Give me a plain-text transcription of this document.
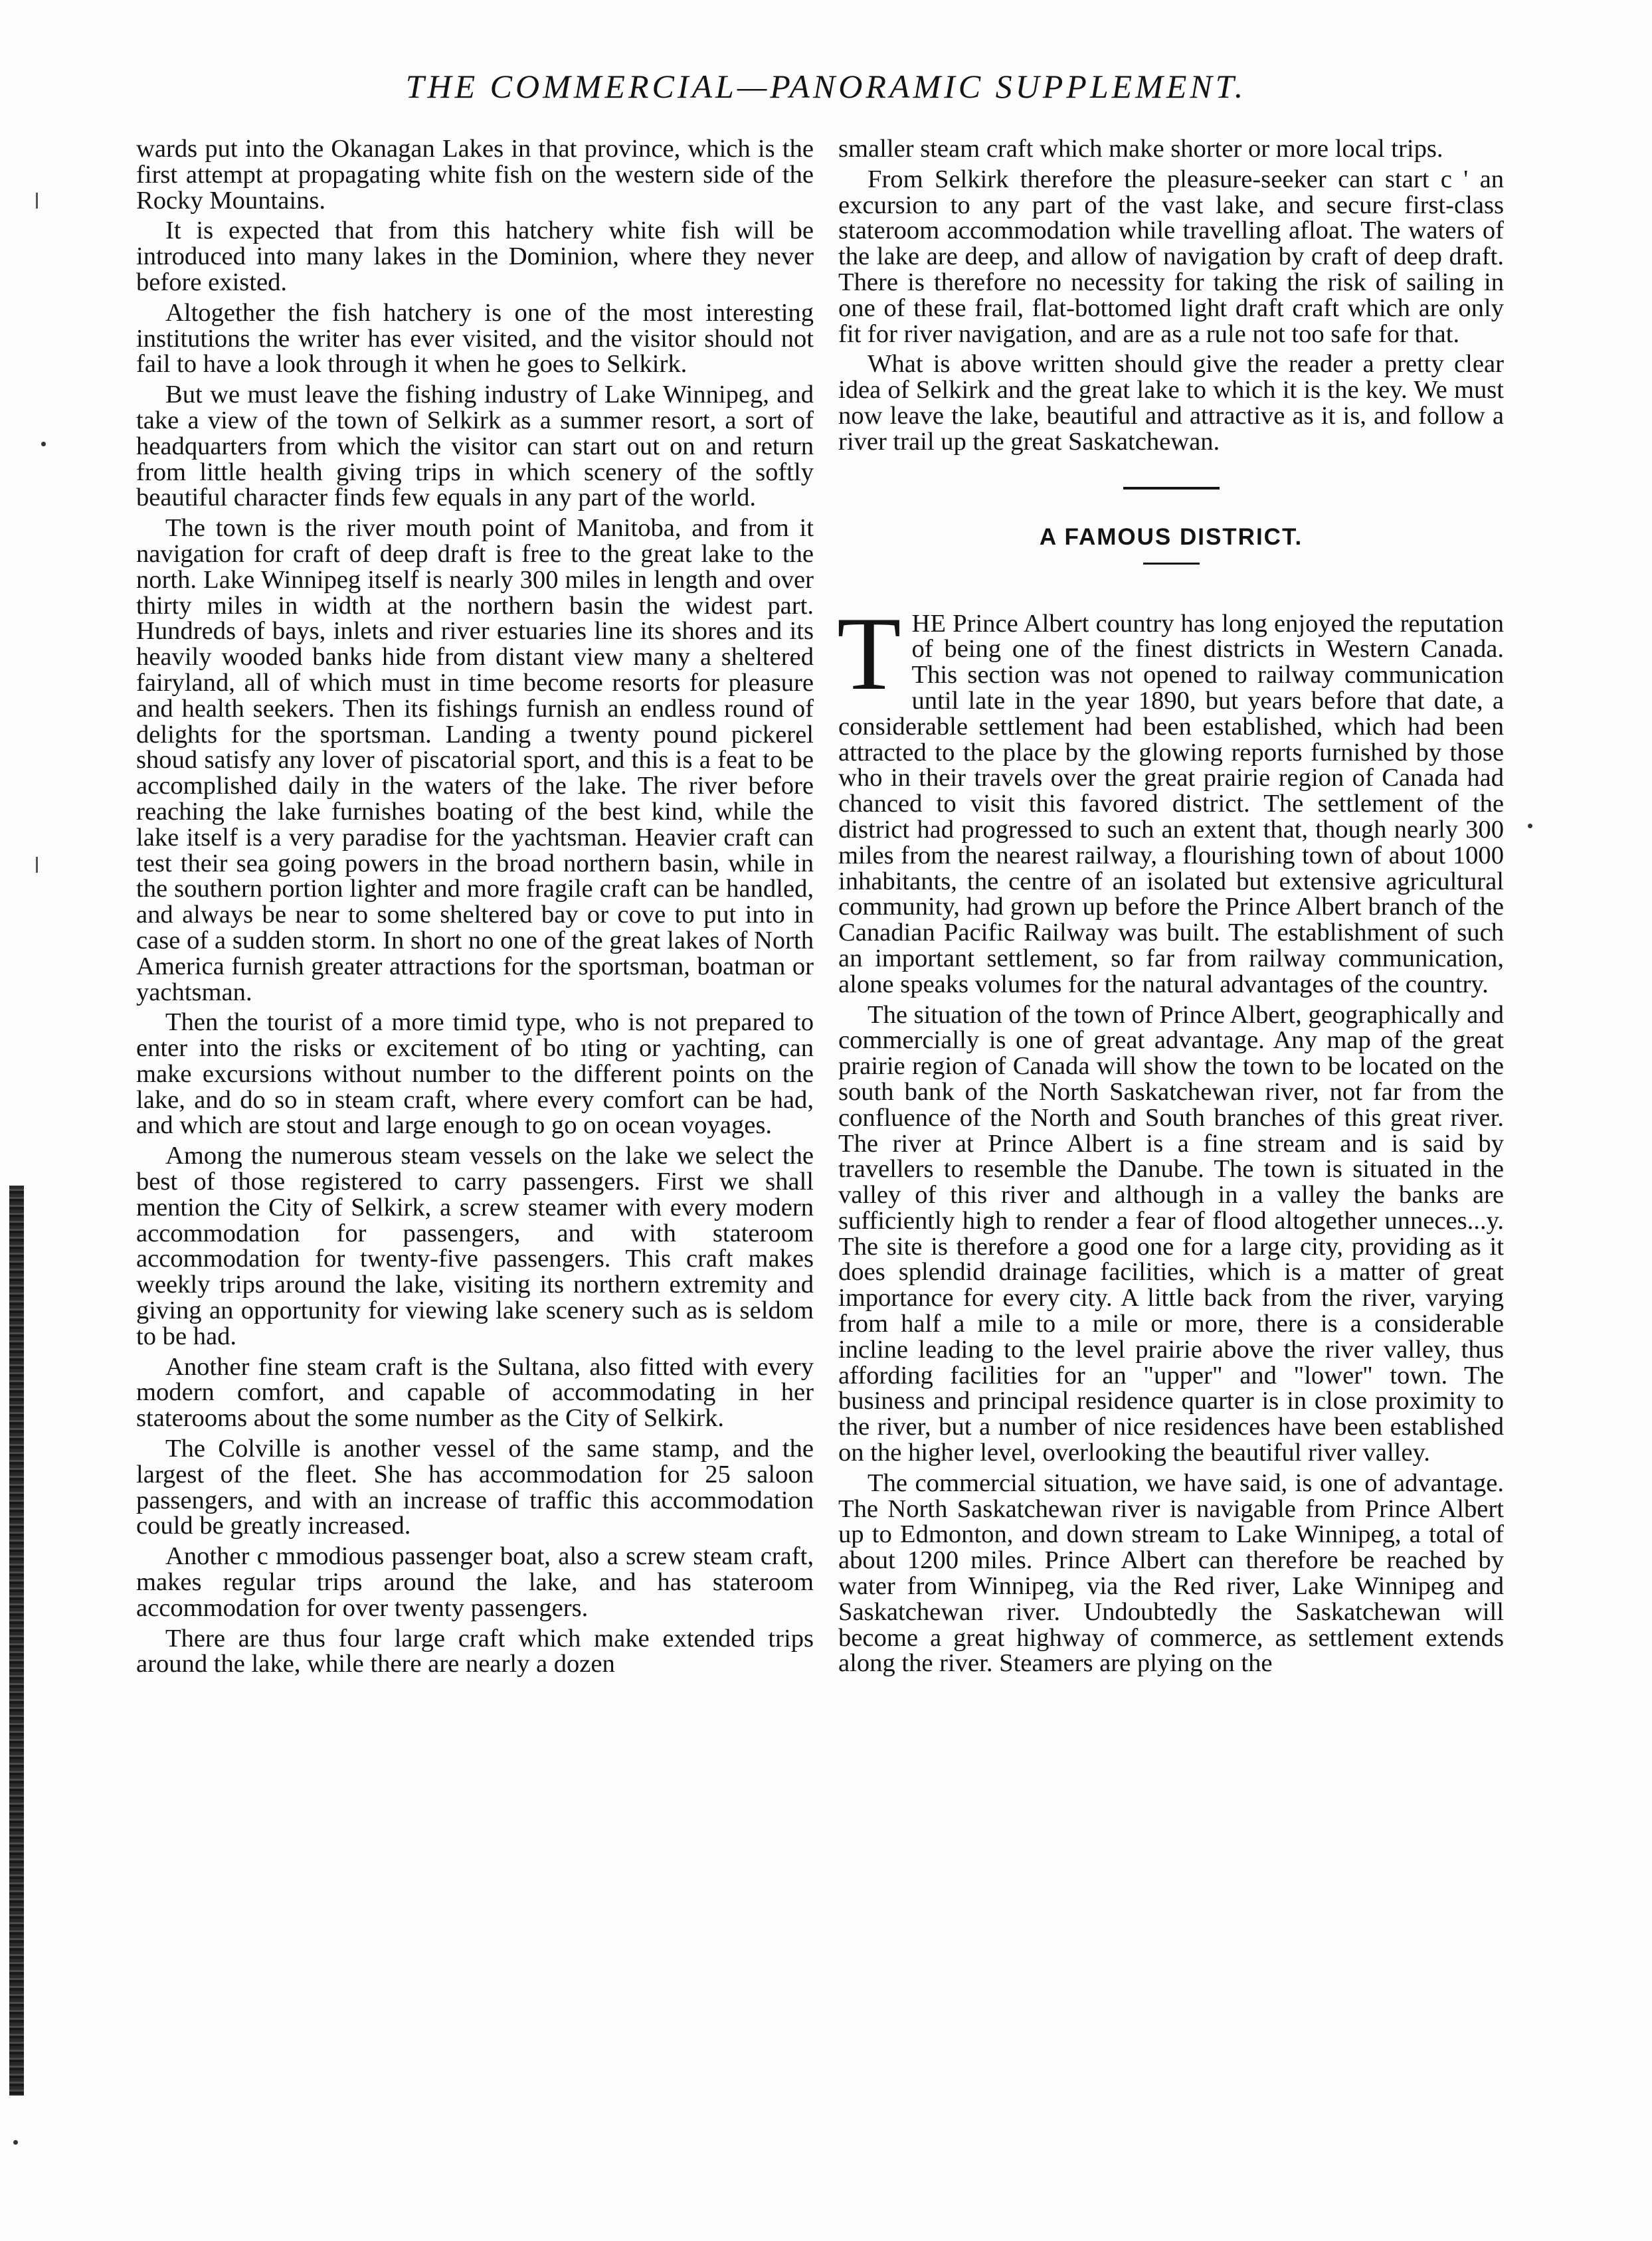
THE COMMERCIAL—PANORAMIC SUPPLEMENT.

wards put into the Okanagan Lakes in that province, which is the first attempt at propagating white fish on the western side of the Rocky Mountains.

It is expected that from this hatchery white fish will be introduced into many lakes in the Dominion, where they never before existed.

Altogether the fish hatchery is one of the most interesting institutions the writer has ever visited, and the visitor should not fail to have a look through it when he goes to Selkirk.

But we must leave the fishing industry of Lake Winnipeg, and take a view of the town of Selkirk as a summer resort, a sort of headquarters from which the visitor can start out on and return from little health giving trips in which scenery of the softly beautiful character finds few equals in any part of the world.

The town is the river mouth point of Manitoba, and from it navigation for craft of deep draft is free to the great lake to the north. Lake Winnipeg itself is nearly 300 miles in length and over thirty miles in width at the northern basin the widest part. Hundreds of bays, inlets and river estuaries line its shores and its heavily wooded banks hide from distant view many a sheltered fairyland, all of which must in time become resorts for pleasure and health seekers. Then its fishings furnish an endless round of delights for the sportsman. Landing a twenty pound pickerel shoud satisfy any lover of piscatorial sport, and this is a feat to be accomplished daily in the waters of the lake. The river before reaching the lake furnishes boating of the best kind, while the lake itself is a very paradise for the yachtsman. Heavier craft can test their sea going powers in the broad northern basin, while in the southern portion lighter and more fragile craft can be handled, and always be near to some sheltered bay or cove to put into in case of a sudden storm. In short no one of the great lakes of North America furnish greater attractions for the sportsman, boatman or yachtsman.

Then the tourist of a more timid type, who is not prepared to enter into the risks or excitement of bo ıting or yachting, can make excursions without number to the different points on the lake, and do so in steam craft, where every comfort can be had, and which are stout and large enough to go on ocean voyages.

Among the numerous steam vessels on the lake we select the best of those registered to carry passengers. First we shall mention the City of Selkirk, a screw steamer with every modern accommodation for passengers, and with stateroom accommodation for twenty-five passengers. This craft makes weekly trips around the lake, visiting its northern extremity and giving an opportunity for viewing lake scenery such as is seldom to be had.

Another fine steam craft is the Sultana, also fitted with every modern comfort, and capable of accommodating in her staterooms about the some number as the City of Selkirk.

The Colville is another vessel of the same stamp, and the largest of the fleet. She has accommodation for 25 saloon passengers, and with an increase of traffic this accommodation could be greatly increased.

Another c mmodious passenger boat, also a screw steam craft, makes regular trips around the lake, and has stateroom accommodation for over twenty passengers.

There are thus four large craft which make extended trips around the lake, while there are nearly a dozen

smaller steam craft which make shorter or more local trips.

From Selkirk therefore the pleasure-seeker can start c ' an excursion to any part of the vast lake, and secure first-class stateroom accommodation while travelling afloat. The waters of the lake are deep, and allow of navigation by craft of deep draft. There is therefore no necessity for taking the risk of sailing in one of these frail, flat-bottomed light draft craft which are only fit for river navigation, and are as a rule not too safe for that.

What is above written should give the reader a pretty clear idea of Selkirk and the great lake to which it is the key. We must now leave the lake, beautiful and attractive as it is, and follow a river trail up the great Saskatchewan.

A FAMOUS DISTRICT.

THE Prince Albert country has long enjoyed the reputation of being one of the finest districts in Western Canada. This section was not opened to railway communication until late in the year 1890, but years before that date, a considerable settlement had been established, which had been attracted to the place by the glowing reports furnished by those who in their travels over the great prairie region of Canada had chanced to visit this favored district. The settlement of the district had progressed to such an extent that, though nearly 300 miles from the nearest railway, a flourishing town of about 1000 inhabitants, the centre of an isolated but extensive agricultural community, had grown up before the Prince Albert branch of the Canadian Pacific Railway was built. The establishment of such an important settlement, so far from railway communication, alone speaks volumes for the natural advantages of the country.

The situation of the town of Prince Albert, geographically and commercially is one of great advantage. Any map of the great prairie region of Canada will show the town to be located on the south bank of the North Saskatchewan river, not far from the confluence of the North and South branches of this great river. The river at Prince Albert is a fine stream and is said by travellers to resemble the Danube. The town is situated in the valley of this river and although in a valley the banks are sufficiently high to render a fear of flood altogether unneces...y. The site is therefore a good one for a large city, providing as it does splendid drainage facilities, which is a matter of great importance for every city. A little back from the river, varying from half a mile to a mile or more, there is a considerable incline leading to the level prairie above the river valley, thus affording facilities for an "upper" and "lower" town. The business and principal residence quarter is in close proximity to the river, but a number of nice residences have been established on the higher level, overlooking the beautiful river valley.

The commercial situation, we have said, is one of advantage. The North Saskatchewan river is navigable from Prince Albert up to Edmonton, and down stream to Lake Winnipeg, a total of about 1200 miles. Prince Albert can therefore be reached by water from Winnipeg, via the Red river, Lake Winnipeg and Saskatchewan river. Undoubtedly the Saskatchewan will become a great highway of commerce, as settlement extends along the river. Steamers are plying on the
